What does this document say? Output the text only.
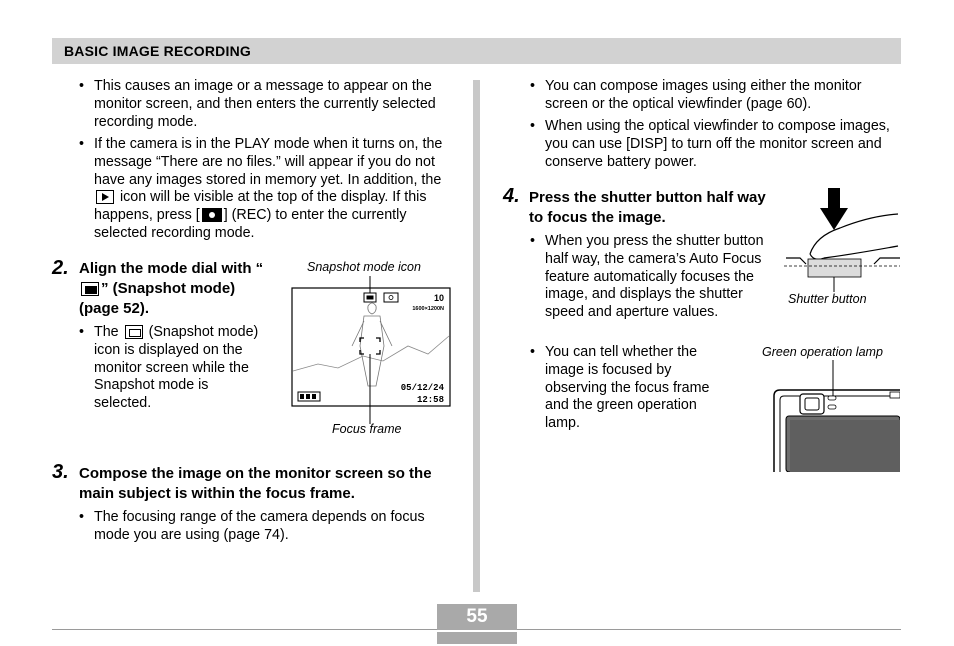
BASIC IMAGE RECORDING
• This causes an image or a message to appear on the monitor screen, and then enters the currently selected recording mode.
• If the camera is in the PLAY mode when it turns on, the message “There are no files.” will appear if you do not have any images stored in memory yet. In addition, the
icon will be visible at the top of the display. If this happens, press [ ] (REC) to enter the currently selected recording mode.
2. Align the mode dial with “
” (Snapshot mode) (page 52).
• The (Snapshot mode) icon is displayed on the monitor screen while the Snapshot mode is selected.
Snapshot mode icon
10
1600×1200N
05/12/24
12:58
Focus frame
3. Compose the image on the monitor screen so the main subject is within the focus frame.
• The focusing range of the camera depends on focus mode you are using (page 74).
• You can compose images using either the monitor screen or the optical viewfinder (page 60).
• When using the optical viewfinder to compose images, you can use [DISP] to turn off the monitor screen and conserve battery power.
4. Press the shutter button half way to focus the image.
• When you press the shutter button half way, the camera’s Auto Focus feature automatically focuses the image, and displays the shutter speed and aperture values.
• You can tell whether the image is focused by observing the focus frame and the green operation lamp.
Shutter button
Green operation lamp
55
